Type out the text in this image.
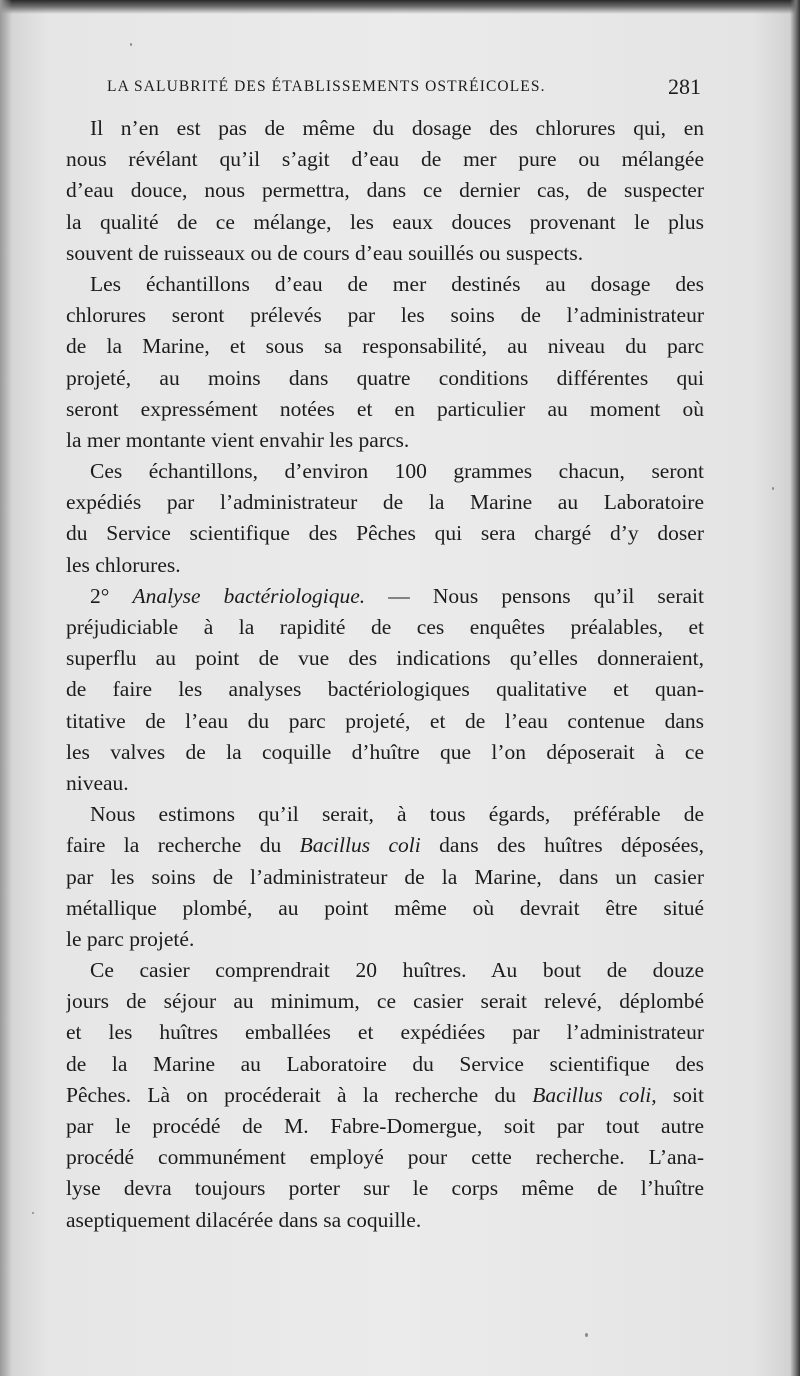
LA SALUBRITÉ DES ÉTABLISSEMENTS OSTRÉICOLES.	281
Il n’en est pas de même du dosage des chlorures qui, en
nous révélant qu’il s’agit d’eau de mer pure ou mélangée
d’eau douce, nous permettra, dans ce dernier cas, de suspecter
la qualité de ce mélange, les eaux douces provenant le plus
souvent de ruisseaux ou de cours d’eau souillés ou suspects.
Les échantillons d’eau de mer destinés au dosage des
chlorures seront prélevés par les soins de l’administrateur
de la Marine, et sous sa responsabilité, au niveau du parc
projeté, au moins dans quatre conditions différentes qui
seront expressément notées et en particulier au moment où
la mer montante vient envahir les parcs.
Ces échantillons, d’environ 100 grammes chacun, seront
expédiés par l’administrateur de la Marine au Laboratoire
du Service scientifique des Pêches qui sera chargé d’y doser
les chlorures.
2° Analyse bactériologique. — Nous pensons qu’il serait
préjudiciable à la rapidité de ces enquêtes préalables, et
superflu au point de vue des indications qu’elles donneraient,
de faire les analyses bactériologiques qualitative et quan-
titative de l’eau du parc projeté, et de l’eau contenue dans
les valves de la coquille d’huître que l’on déposerait à ce
niveau.
Nous estimons qu’il serait, à tous égards, préférable de
faire la recherche du Bacillus coli dans des huîtres déposées,
par les soins de l’administrateur de la Marine, dans un casier
métallique plombé, au point même où devrait être situé
le parc projeté.
Ce casier comprendrait 20 huîtres. Au bout de douze
jours de séjour au minimum, ce casier serait relevé, déplombé
et les huîtres emballées et expédiées par l’administrateur
de la Marine au Laboratoire du Service scientifique des
Pêches. Là on procéderait à la recherche du Bacillus coli, soit
par le procédé de M. Fabre-Domergue, soit par tout autre
procédé communément employé pour cette recherche. L’ana-
lyse devra toujours porter sur le corps même de l’huître
aseptiquement dilacérée dans sa coquille.
